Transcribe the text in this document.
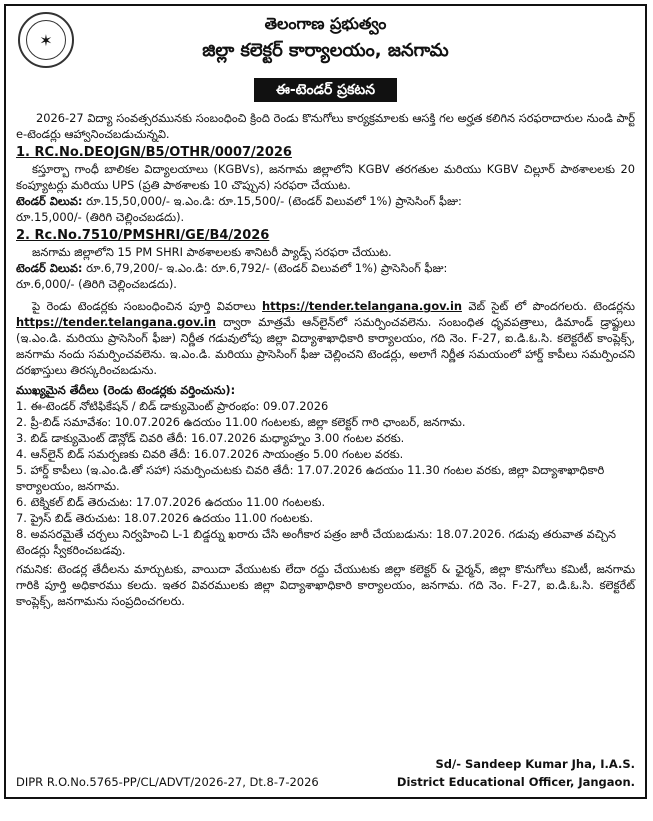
✶
తెలంగాణ ప్రభుత్వం
జిల్లా కలెక్టర్ కార్యాలయం, జనగామ
ఈ-టెండర్ ప్రకటన

2026-27 విద్యా సంవత్సరమునకు సంబంధించి క్రింది రెండు కొనుగోలు కార్యక్రమాలకు ఆసక్తి గల అర్హత కలిగిన సరఫరాదారుల నుండి పార్ట్ e-టెండర్లు ఆహ్వానించబడుచున్నవి.

1. RC.No.DEOJGN/B5/OTHR/0007/2026

కస్తూర్బా గాంధీ బాలికల విద్యాలయాలు (KGBVs), జనగామ జిల్లాలోని KGBV తరగతుల మరియు KGBV చిల్లూర్ పాఠశాలలకు 20 కంప్యూటర్లు మరియు UPS (ప్రతి పాఠశాలకు 10 చొప్పున) సరఫరా చేయుట.

టెండర్ విలువ: రూ.15,50,000/- ఇ.ఎం.డి: రూ.15,500/- (టెండర్ విలువలో 1%) ప్రాసెసింగ్ ఫీజు:

రూ.15,000/- (తిరిగి చెల్లించబడదు).

2. Rc.No.7510/PMSHRI/GE/B4/2026

జనగామ జిల్లాలోని 15 PM SHRI పాఠశాలలకు శానిటరీ ప్యాడ్స్ సరఫరా చేయుట.

టెండర్ విలువ: రూ.6,79,200/- ఇ.ఎం.డి: రూ.6,792/- (టెండర్ విలువలో 1%) ప్రాసెసింగ్ ఫీజు:

రూ.6,000/- (తిరిగి చెల్లించబడదు).

పై రెండు టెండర్లకు సంబంధించిన పూర్తి వివరాలు https://tender.telangana.gov.in వెబ్ సైట్ లో పొందగలరు. టెండర్లను https://tender.telangana.gov.in ద్వారా మాత్రమే ఆన్‌లైన్‌లో సమర్పించవలెను. సంబంధిత ధృవపత్రాలు, డిమాండ్ డ్రాఫ్టులు (ఇ.ఎం.డి. మరియు ప్రాసెసింగ్ ఫీజు) నిర్ణీత గడువులోపు జిల్లా విద్యాశాఖాధికారి కార్యాలయం, గది నెం. F-27, ఐ.డి.ఓ.సి. కలెక్టరేట్ కాంప్లెక్స్, జనగామ నందు సమర్పించవలెను. ఇ.ఎం.డి. మరియు ప్రాసెసింగ్ ఫీజు చెల్లించని టెండర్లు, అలాగే నిర్ణీత సమయంలో హార్డ్ కాపీలు సమర్పించని దరఖాస్తులు తిరస్కరించబడును.

ముఖ్యమైన తేదీలు (రెండు టెండర్లకు వర్తించును):
1. ఈ-టెండర్ నోటిఫికేషన్ / బిడ్ డాక్యుమెంట్ ప్రారంభం: 09.07.2026
2. ప్రీ-బిడ్ సమావేశం: 10.07.2026 ఉదయం 11.00 గంటలకు, జిల్లా కలెక్టర్ గారి ఛాంబర్, జనగామ.
3. బిడ్ డాక్యుమెంట్ డౌన్లోడ్ చివరి తేదీ: 16.07.2026 మధ్యాహ్నం 3.00 గంటల వరకు.
4. ఆన్‌లైన్ బిడ్ సమర్పణకు చివరి తేదీ: 16.07.2026 సాయంత్రం 5.00 గంటల వరకు.
5. హార్డ్ కాపీలు (ఇ.ఎం.డి.తో సహా) సమర్పించుటకు చివరి తేదీ: 17.07.2026 ఉదయం 11.30 గంటల వరకు, జిల్లా విద్యాశాఖాధికారి కార్యాలయం, జనగామ.
6. టెక్నికల్ బిడ్ తెరుచుట: 17.07.2026 ఉదయం 11.00 గంటలకు.
7. ప్రైస్ బిడ్ తెరుచుట: 18.07.2026 ఉదయం 11.00 గంటలకు.
8. అవసరమైతే చర్చలు నిర్వహించి L-1 బిడ్డర్ను ఖరారు చేసి అంగీకార పత్రం జారీ చేయబడును: 18.07.2026. గడువు తరువాత వచ్చిన టెండర్లు స్వీకరించబడవు.

గమనిక: టెండర్ల తేదీలను మార్చుటకు, వాయిదా వేయుటకు లేదా రద్దు చేయుటకు జిల్లా కలెక్టర్ & ఛైర్మన్, జిల్లా కొనుగోలు కమిటీ, జనగామ గారికి పూర్తి అధికారము కలదు. ఇతర వివరములకు జిల్లా విద్యాశాఖాధికారి కార్యాలయం, జనగామ. గది నెం. F-27, ఐ.డి.ఓ.సి. కలెక్టరేట్ కాంప్లెక్స్, జనగామను సంప్రదించగలరు.

Sd/- Sandeep Kumar Jha, I.A.S.
DIPR R.O.No.5765-PP/CL/ADVT/2026-27, Dt.8-7-2026	District Educational Officer, Jangaon.
